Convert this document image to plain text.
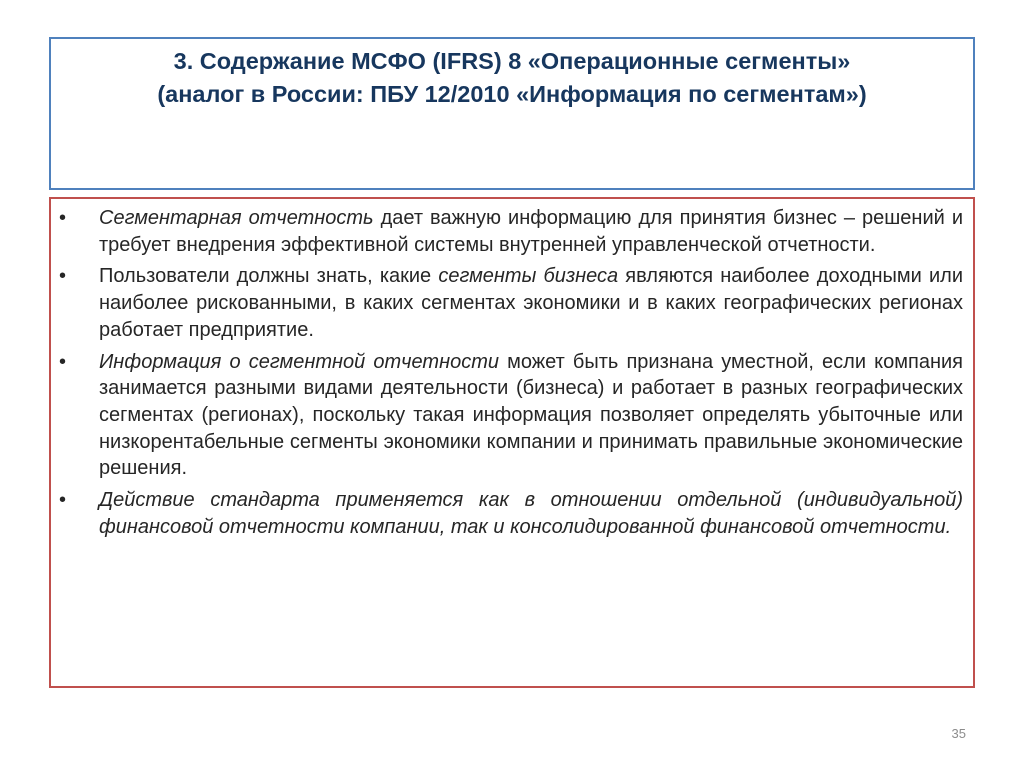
3. Содержание МСФО (IFRS) 8 «Операционные сегменты»
(аналог в России: ПБУ 12/2010 «Информация по сегментам»)
• Сегментарная отчетность дает важную информацию для принятия бизнес – решений и требует внедрения эффективной системы внутренней управленческой отчетности.
• Пользователи должны знать, какие сегменты бизнеса являются наиболее доходными или наиболее рискованными, в каких сегментах экономики и в каких географических регионах работает предприятие.
• Информация о сегментной отчетности может быть признана уместной, если компания занимается разными видами деятельности (бизнеса) и работает в разных географических сегментах (регионах), поскольку такая информация позволяет определять убыточные или низкорентабельные сегменты экономики компании и принимать правильные экономические решения.
• Действие стандарта применяется как в отношении отдельной (индивидуальной) финансовой отчетности компании, так и консолидированной финансовой отчетности.
35
